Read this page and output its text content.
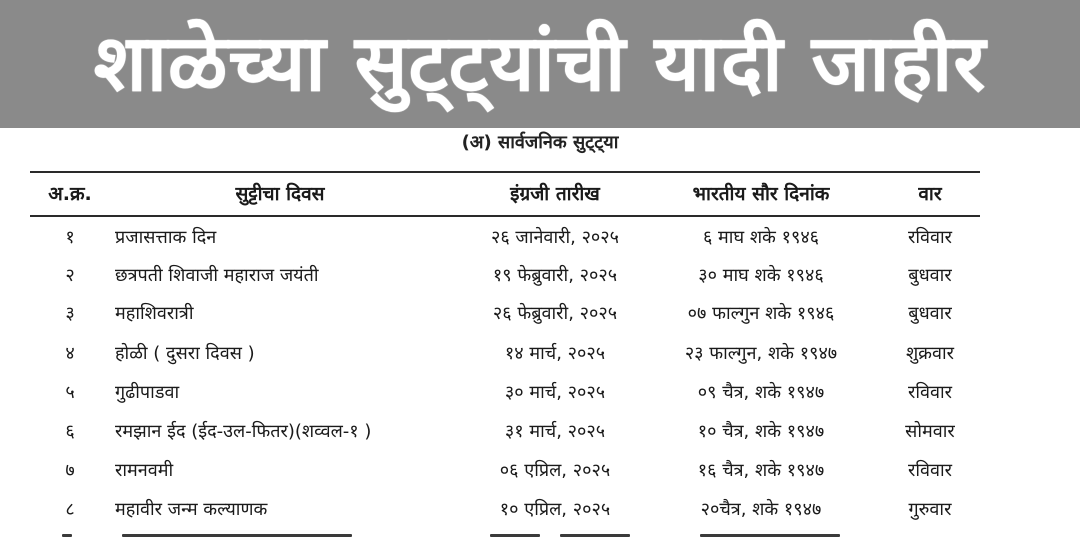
शाळेच्या सुट्ट्यांची यादी जाहीर
(अ) सार्वजनिक सुट्ट्या
अ.क्र.	सुट्टीचा दिवस	इंग्रजी तारीख	भारतीय सौर दिनांक	वार
१	प्रजासत्ताक दिन	२६ जानेवारी, २०२५	६ माघ शके १९४६	रविवार
२	छत्रपती शिवाजी महाराज जयंती	१९ फेब्रुवारी, २०२५	३० माघ शके १९४६	बुधवार
३	महाशिवरात्री	२६ फेब्रुवारी, २०२५	०७ फाल्गुन शके १९४६	बुधवार
४	होळी ( दुसरा दिवस )	१४ मार्च, २०२५	२३ फाल्गुन, शके १९४७	शुक्रवार
५	गुढीपाडवा	३० मार्च, २०२५	०९ चैत्र, शके १९४७	रविवार
६	रमझान ईद (ईद-उल-फितर)(शव्वल-१ )	३१ मार्च, २०२५	१० चैत्र, शके १९४७	सोमवार
७	रामनवमी	०६ एप्रिल, २०२५	१६ चैत्र, शके १९४७	रविवार
८	महावीर जन्म कल्याणक	१० एप्रिल, २०२५	२०चैत्र, शके १९४७	गुरुवार
